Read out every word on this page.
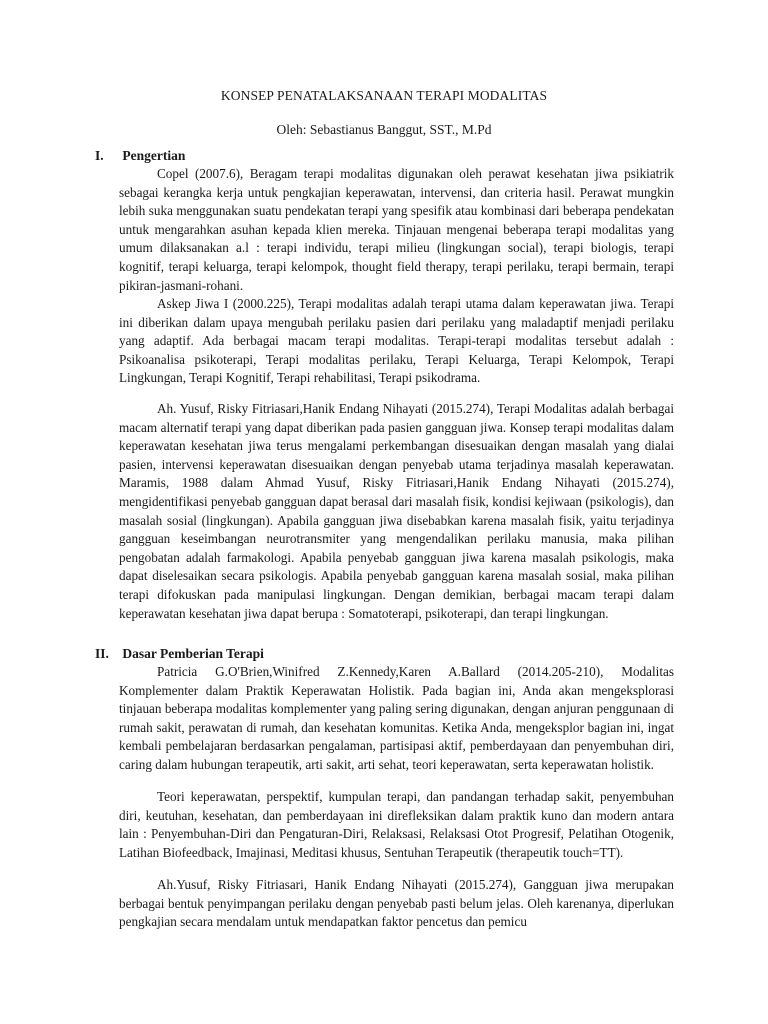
KONSEP PENATALAKSANAAN TERAPI MODALITAS
Oleh: Sebastianus Banggut, SST., M.Pd
I. Pengertian

Copel (2007.6), Beragam terapi modalitas digunakan oleh perawat kesehatan jiwa psikiatrik sebagai kerangka kerja untuk pengkajian keperawatan, intervensi, dan criteria hasil. Perawat mungkin lebih suka menggunakan suatu pendekatan terapi yang spesifik atau kombinasi dari beberapa pendekatan untuk mengarahkan asuhan kepada klien mereka. Tinjauan mengenai beberapa terapi modalitas yang umum dilaksanakan a.l : terapi individu, terapi milieu (lingkungan social), terapi biologis, terapi kognitif, terapi keluarga, terapi kelompok, thought field therapy, terapi perilaku, terapi bermain, terapi pikiran-jasmani-rohani.

Askep Jiwa I (2000.225), Terapi modalitas adalah terapi utama dalam keperawatan jiwa. Terapi ini diberikan dalam upaya mengubah perilaku pasien dari perilaku yang maladaptif menjadi perilaku yang adaptif. Ada berbagai macam terapi modalitas. Terapi-terapi modalitas tersebut adalah : Psikoanalisa psikoterapi, Terapi modalitas perilaku, Terapi Keluarga, Terapi Kelompok, Terapi Lingkungan, Terapi Kognitif, Terapi rehabilitasi, Terapi psikodrama.

Ah. Yusuf, Risky Fitriasari,Hanik Endang Nihayati (2015.274), Terapi Modalitas adalah berbagai macam alternatif terapi yang dapat diberikan pada pasien gangguan jiwa. Konsep terapi modalitas dalam keperawatan kesehatan jiwa terus mengalami perkembangan disesuaikan dengan masalah yang dialai pasien, intervensi keperawatan disesuaikan dengan penyebab utama terjadinya masalah keperawatan. Maramis, 1988 dalam Ahmad Yusuf, Risky Fitriasari,Hanik Endang Nihayati (2015.274), mengidentifikasi penyebab gangguan dapat berasal dari masalah fisik, kondisi kejiwaan (psikologis), dan masalah sosial (lingkungan). Apabila gangguan jiwa disebabkan karena masalah fisik, yaitu terjadinya gangguan keseimbangan neurotransmiter yang mengendalikan perilaku manusia, maka pilihan pengobatan adalah farmakologi. Apabila penyebab gangguan jiwa karena masalah psikologis, maka dapat diselesaikan secara psikologis. Apabila penyebab gangguan karena masalah sosial, maka pilihan terapi difokuskan pada manipulasi lingkungan. Dengan demikian, berbagai macam terapi dalam keperawatan kesehatan jiwa dapat berupa : Somatoterapi, psikoterapi, dan terapi lingkungan.

II. Dasar Pemberian Terapi

Patricia G.O'Brien,Winifred Z.Kennedy,Karen A.Ballard (2014.205-210), Modalitas Komplementer dalam Praktik Keperawatan Holistik. Pada bagian ini, Anda akan mengeksplorasi tinjauan beberapa modalitas komplementer yang paling sering digunakan, dengan anjuran penggunaan di rumah sakit, perawatan di rumah, dan kesehatan komunitas. Ketika Anda, mengeksplor bagian ini, ingat kembali pembelajaran berdasarkan pengalaman, partisipasi aktif, pemberdayaan dan penyembuhan diri, caring dalam hubungan terapeutik, arti sakit, arti sehat, teori keperawatan, serta keperawatan holistik.

Teori keperawatan, perspektif, kumpulan terapi, dan pandangan terhadap sakit, penyembuhan diri, keutuhan, kesehatan, dan pemberdayaan ini direfleksikan dalam praktik kuno dan modern antara lain : Penyembuhan-Diri dan Pengaturan-Diri, Relaksasi, Relaksasi Otot Progresif, Pelatihan Otogenik, Latihan Biofeedback, Imajinasi, Meditasi khusus, Sentuhan Terapeutik (therapeutik touch=TT).

Ah.Yusuf, Risky Fitriasari, Hanik Endang Nihayati (2015.274), Gangguan jiwa merupakan berbagai bentuk penyimpangan perilaku dengan penyebab pasti belum jelas. Oleh karenanya, diperlukan pengkajian secara mendalam untuk mendapatkan faktor pencetus dan pemicu
